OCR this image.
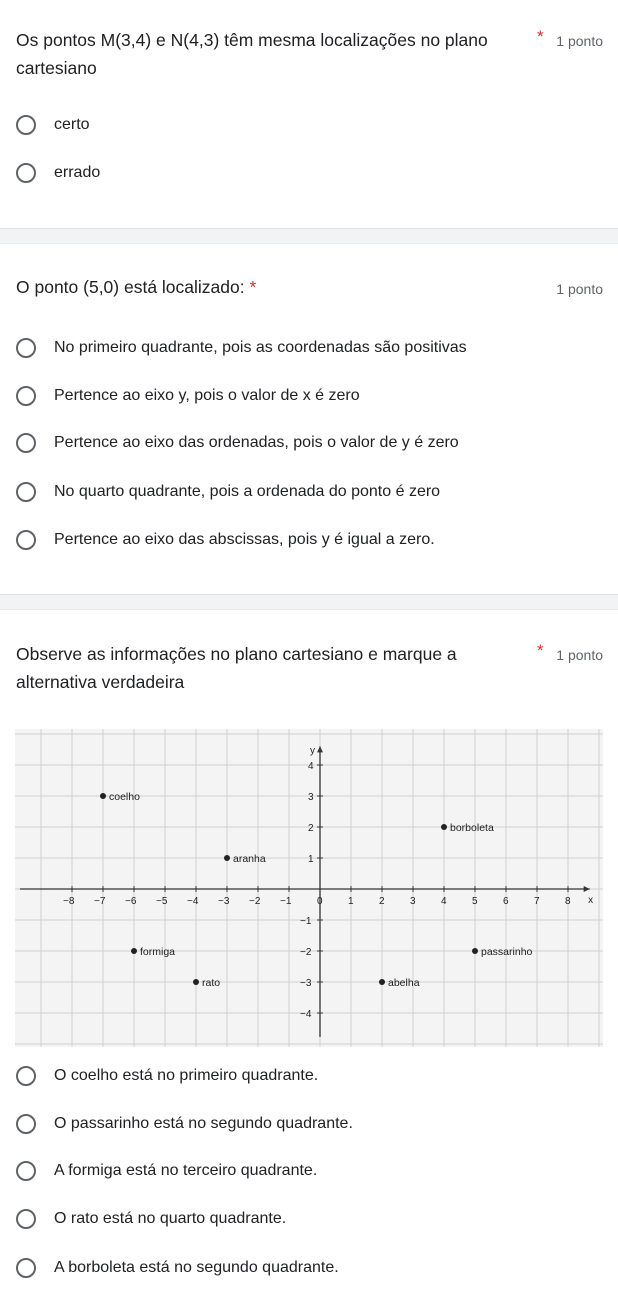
Os pontos M(3,4) e N(4,3) têm mesma localizações no plano cartesiano
* 1 ponto
certo
errado
O ponto (5,0) está localizado: *	1 ponto
No primeiro quadrante, pois as coordenadas são positivas
Pertence ao eixo y, pois o valor de x é zero
Pertence ao eixo das ordenadas, pois o valor de y é zero
No quarto quadrante, pois a ordenada do ponto é zero
Pertence ao eixo das abscissas, pois y é igual a zero.
Observe as informações no plano cartesiano e marque a alternativa verdadeira
* 1 ponto
x
y
−8 −7 −6 −5 −4 −3 −2 −1	0	1	2	3	4	5	6	7	8
−4
−3
−2
−1
1
2
3
4
coelho
aranha
borboleta
formiga	passarinho
rato	abelha
O coelho está no primeiro quadrante.
O passarinho está no segundo quadrante.
A formiga está no terceiro quadrante.
O rato está no quarto quadrante.
A borboleta está no segundo quadrante.
